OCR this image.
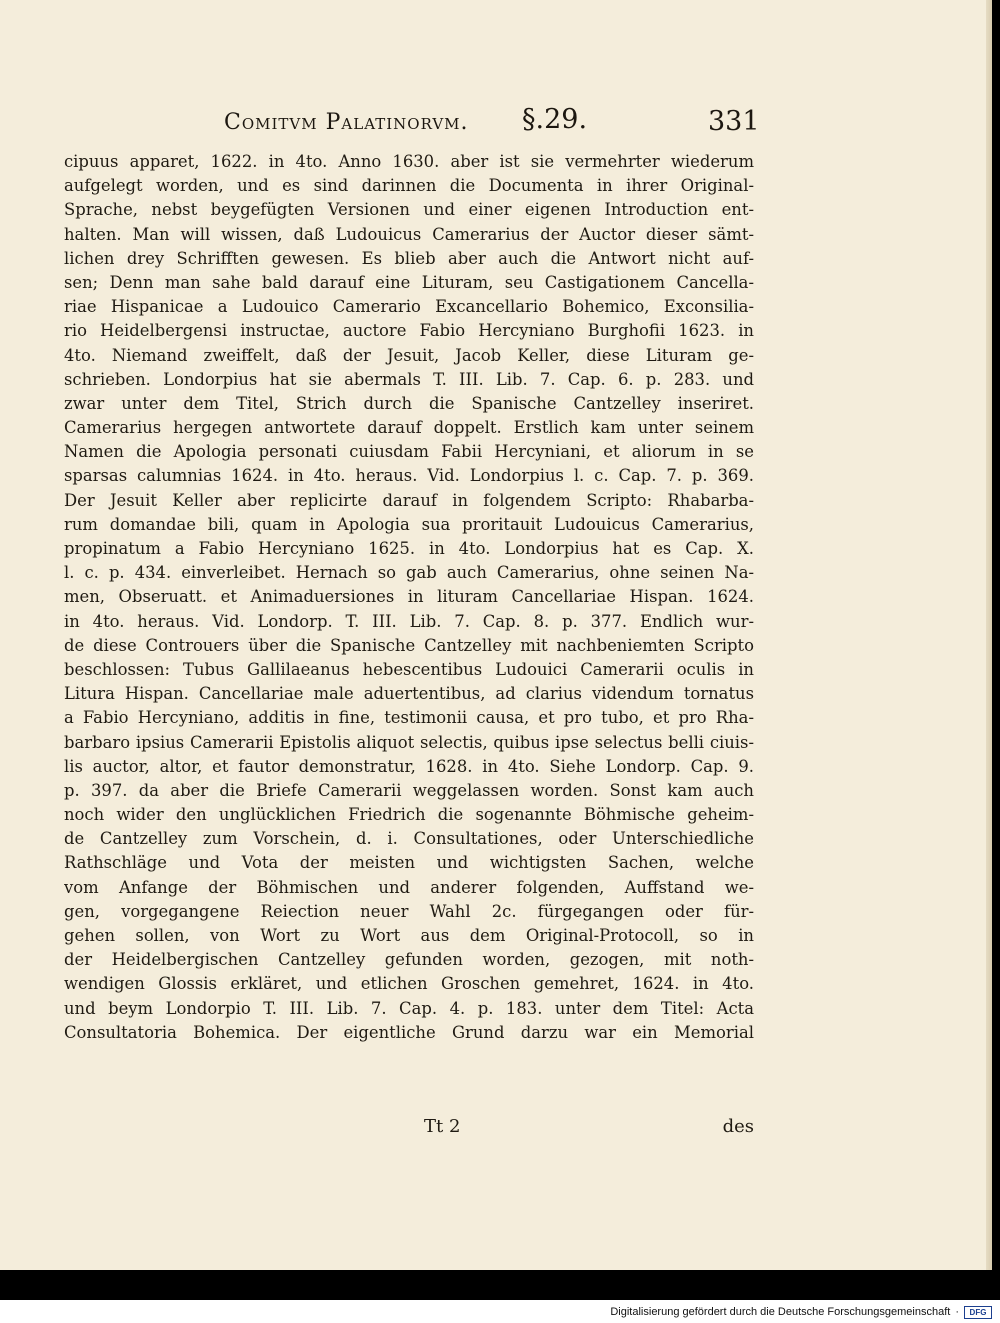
Comitvm Palatinorvm. §.29.	331
cipuus apparet, 1622. in 4to. Anno 1630. aber ist sie vermehrter wiederum
aufgelegt worden, und es sind darinnen die Documenta in ihrer Original-
Sprache, nebst beygefügten Versionen und einer eigenen Introduction ent-
halten. Man will wissen, daß Ludouicus Camerarius der Auctor dieser sämt-
lichen drey Schrifften gewesen. Es blieb aber auch die Antwort nicht auf-
sen; Denn man sahe bald darauf eine Lituram, seu Castigationem Cancella-
riae Hispanicae a Ludouico Camerario Excancellario Bohemico, Exconsilia-
rio Heidelbergensi instructae, auctore Fabio Hercyniano Burghofii 1623. in
4to. Niemand zweiffelt, daß der Jesuit, Jacob Keller, diese Lituram ge-
schrieben. Londorpius hat sie abermals T. III. Lib. 7. Cap. 6. p. 283. und
zwar unter dem Titel, Strich durch die Spanische Cantzelley inseriret.
Camerarius hergegen antwortete darauf doppelt. Erstlich kam unter seinem
Namen die Apologia personati cuiusdam Fabii Hercyniani, et aliorum in se
sparsas calumnias 1624. in 4to. heraus. Vid. Londorpius l. c. Cap. 7. p. 369.
Der Jesuit Keller aber replicirte darauf in folgendem Scripto: Rhabarba-
rum domandae bili, quam in Apologia sua proritauit Ludouicus Camerarius,
propinatum a Fabio Hercyniano 1625. in 4to. Londorpius hat es Cap. X.
l. c. p. 434. einverleibet. Hernach so gab auch Camerarius, ohne seinen Na-
men, Obseruatt. et Animaduersiones in lituram Cancellariae Hispan. 1624.
in 4to. heraus. Vid. Londorp. T. III. Lib. 7. Cap. 8. p. 377. Endlich wur-
de diese Controuers über die Spanische Cantzelley mit nachbeniemten Scripto
beschlossen: Tubus Gallilaeanus hebescentibus Ludouici Camerarii oculis in
Litura Hispan. Cancellariae male aduertentibus, ad clarius videndum tornatus
a Fabio Hercyniano, additis in fine, testimonii causa, et pro tubo, et pro Rha-
barbaro ipsius Camerarii Epistolis aliquot selectis, quibus ipse selectus belli ciuis-
lis auctor, altor, et fautor demonstratur, 1628. in 4to. Siehe Londorp. Cap. 9.
p. 397. da aber die Briefe Camerarii weggelassen worden. Sonst kam auch
noch wider den unglücklichen Friedrich die sogenannte Böhmische geheim-
de Cantzelley zum Vorschein, d. i. Consultationes, oder Unterschiedliche
Rathschläge und Vota der meisten und wichtigsten Sachen, welche
vom Anfange der Böhmischen und anderer folgenden, Auffstand we-
gen, vorgegangene Reiection neuer Wahl 2c. fürgegangen oder für-
gehen sollen, von Wort zu Wort aus dem Original-Protocoll, so in
der Heidelbergischen Cantzelley gefunden worden, gezogen, mit noth-
wendigen Glossis erkläret, und etlichen Groschen gemehret, 1624. in 4to.
und beym Londorpio T. III. Lib. 7. Cap. 4. p. 183. unter dem Titel: Acta
Consultatoria Bohemica. Der eigentliche Grund darzu war ein Memorial
Tt 2	des
Digitalisierung gefördert durch die Deutsche Forschungsgemeinschaft ·	DFG
